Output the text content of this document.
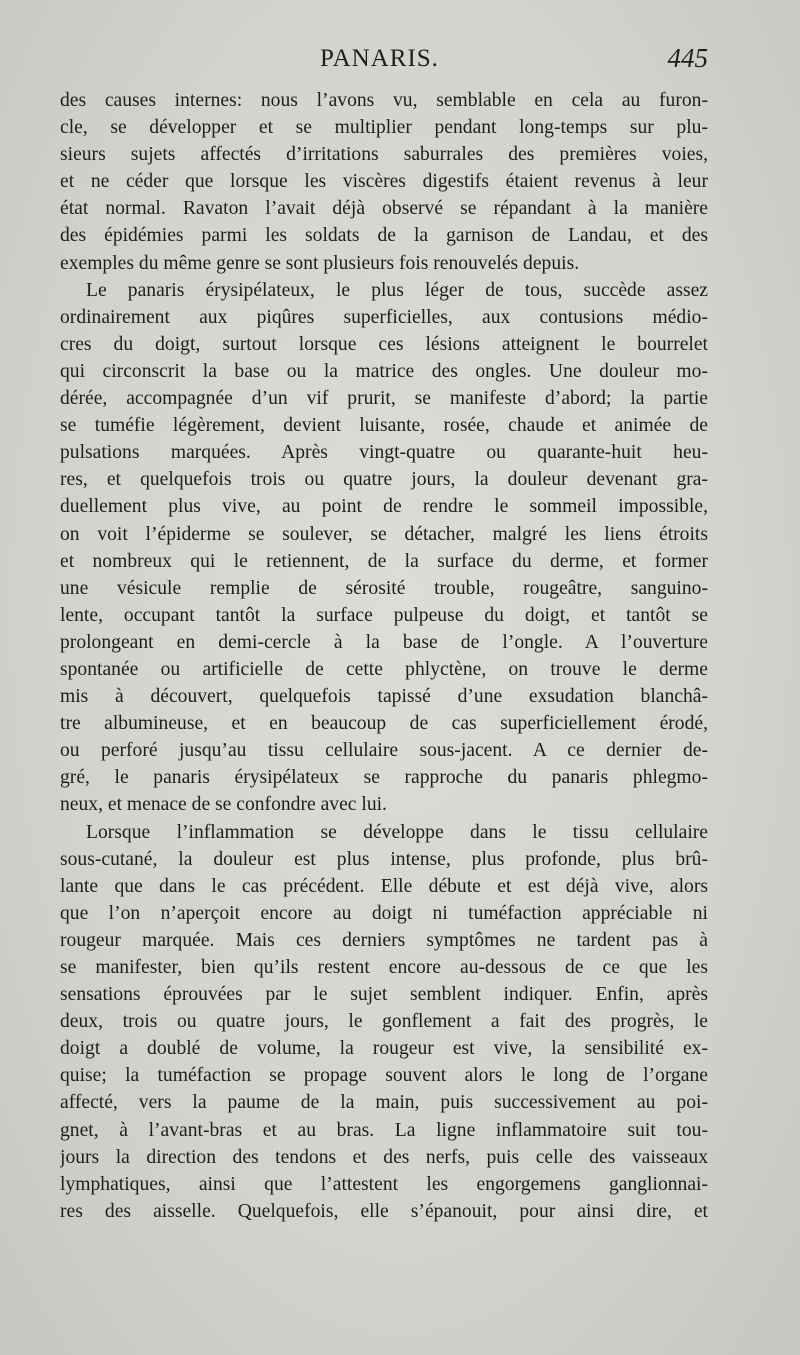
PANARIS.	445
des causes internes: nous l’avons vu, semblable en cela au furon-
cle, se développer et se multiplier pendant long-temps sur plu-
sieurs sujets affectés d’irritations saburrales des premières voies,
et ne céder que lorsque les viscères digestifs étaient revenus à leur
état normal. Ravaton l’avait déjà observé se répandant à la manière
des épidémies parmi les soldats de la garnison de Landau, et des
exemples du même genre se sont plusieurs fois renouvelés depuis.
Le panaris érysipélateux, le plus léger de tous, succède assez
ordinairement aux piqûres superficielles, aux contusions médio-
cres du doigt, surtout lorsque ces lésions atteignent le bourrelet
qui circonscrit la base ou la matrice des ongles. Une douleur mo-
dérée, accompagnée d’un vif prurit, se manifeste d’abord; la partie
se tuméfie légèrement, devient luisante, rosée, chaude et animée de
pulsations marquées. Après vingt-quatre ou quarante-huit heu-
res, et quelquefois trois ou quatre jours, la douleur devenant gra-
duellement plus vive, au point de rendre le sommeil impossible,
on voit l’épiderme se soulever, se détacher, malgré les liens étroits
et nombreux qui le retiennent, de la surface du derme, et former
une vésicule remplie de sérosité trouble, rougeâtre, sanguino-
lente, occupant tantôt la surface pulpeuse du doigt, et tantôt se
prolongeant en demi-cercle à la base de l’ongle. A l’ouverture
spontanée ou artificielle de cette phlyctène, on trouve le derme
mis à découvert, quelquefois tapissé d’une exsudation blanchâ-
tre albumineuse, et en beaucoup de cas superficiellement érodé,
ou perforé jusqu’au tissu cellulaire sous-jacent. A ce dernier de-
gré, le panaris érysipélateux se rapproche du panaris phlegmo-
neux, et menace de se confondre avec lui.
Lorsque l’inflammation se développe dans le tissu cellulaire
sous-cutané, la douleur est plus intense, plus profonde, plus brû-
lante que dans le cas précédent. Elle débute et est déjà vive, alors
que l’on n’aperçoit encore au doigt ni tuméfaction appréciable ni
rougeur marquée. Mais ces derniers symptômes ne tardent pas à
se manifester, bien qu’ils restent encore au-dessous de ce que les
sensations éprouvées par le sujet semblent indiquer. Enfin, après
deux, trois ou quatre jours, le gonflement a fait des progrès, le
doigt a doublé de volume, la rougeur est vive, la sensibilité ex-
quise; la tuméfaction se propage souvent alors le long de l’organe
affecté, vers la paume de la main, puis successivement au poi-
gnet, à l’avant-bras et au bras. La ligne inflammatoire suit tou-
jours la direction des tendons et des nerfs, puis celle des vaisseaux
lymphatiques, ainsi que l’attestent les engorgemens ganglionnai-
res des aisselle. Quelquefois, elle s’épanouit, pour ainsi dire, et
